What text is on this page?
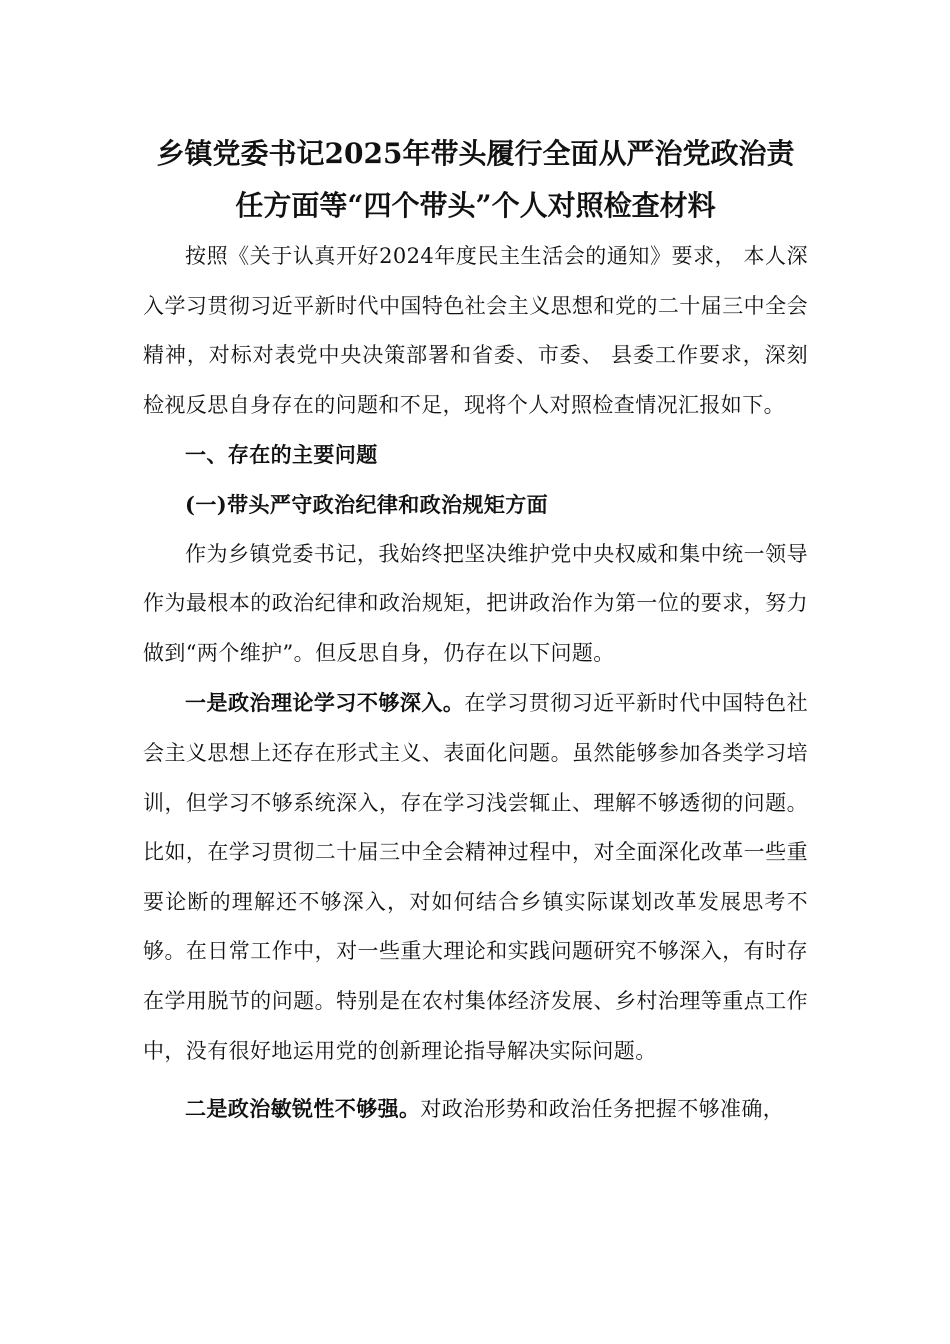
乡镇党委书记2025年带头履行全面从严治党政治责任方面等“四个带头”个人对照检查材料

按照《关于认真开好2024年度民主生活会的通知》要求， 本人深入学习贯彻习近平新时代中国特色社会主义思想和党的二十届三中全会精神，对标对表党中央决策部署和省委、市委、 县委工作要求，深刻检视反思自身存在的问题和不足，现将个人对照检查情况汇报如下。

一、存在的主要问题

(一)带头严守政治纪律和政治规矩方面

作为乡镇党委书记，我始终把坚决维护党中央权威和集中统一领导作为最根本的政治纪律和政治规矩，把讲政治作为第一位的要求，努力做到“两个维护”。但反思自身，仍存在以下问题。

一是政治理论学习不够深入。在学习贯彻习近平新时代中国特色社会主义思想上还存在形式主义、表面化问题。虽然能够参加各类学习培训，但学习不够系统深入，存在学习浅尝辄止、理解不够透彻的问题。比如，在学习贯彻二十届三中全会精神过程中，对全面深化改革一些重要论断的理解还不够深入，对如何结合乡镇实际谋划改革发展思考不够。在日常工作中，对一些重大理论和实践问题研究不够深入，有时存在学用脱节的问题。特别是在农村集体经济发展、乡村治理等重点工作中，没有很好地运用党的创新理论指导解决实际问题。

二是政治敏锐性不够强。对政治形势和政治任务把握不够准确，
